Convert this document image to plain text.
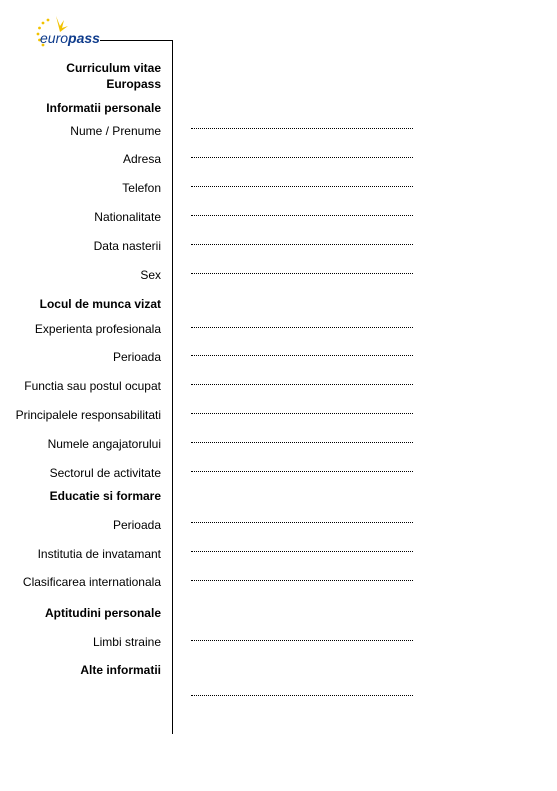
europass
Curriculum vitae
Europass
Informatii personale
Nume / Prenume
Adresa
Telefon
Nationalitate
Data nasterii
Sex
Locul de munca vizat
Experienta profesionala
Perioada
Functia sau postul ocupat
Principalele responsabilitati
Numele angajatorului
Sectorul de activitate
Educatie si formare
Perioada
Institutia de invatamant
Clasificarea internationala
Aptitudini personale
Limbi straine
Alte informatii
